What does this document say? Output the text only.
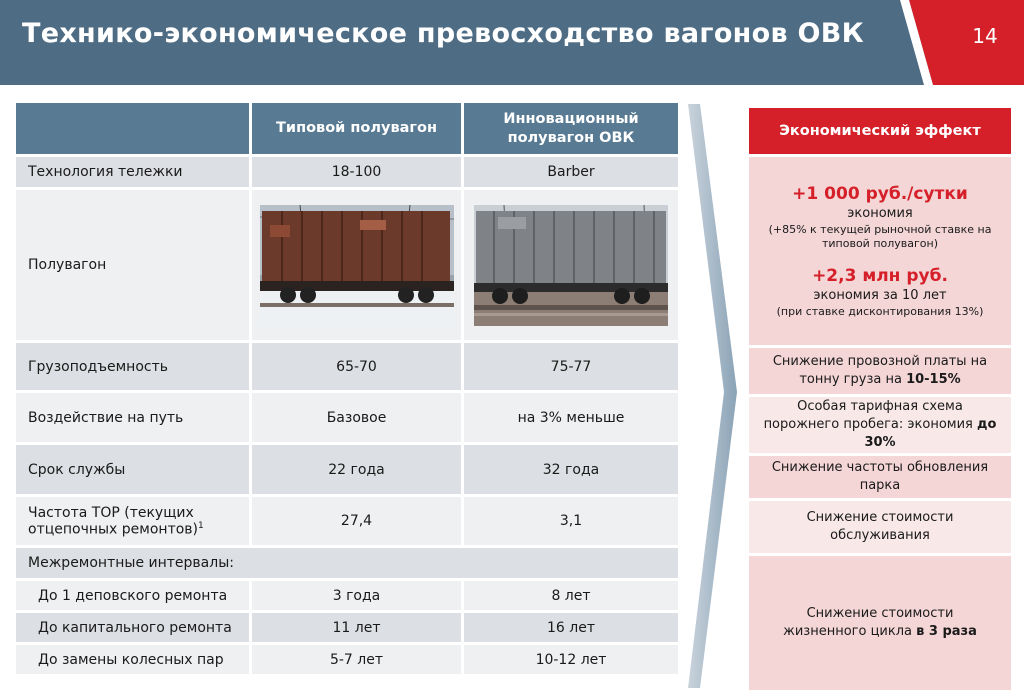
Технико-экономическое превосходство вагонов ОВК	14
	Типовой полувагон	Инновационный полувагон ОВК

Технология тележки	18-100	Barber
Полувагон	

Грузоподъемность	65-70	75-77
Воздействие на путь	Базовое	на 3% меньше
Срок службы	22 года	32 года
Частота ТОР (текущих
отцепочных ремонтов)$^1$	27,4	3,1
Межремонтные интервалы:		
До 1 деповского ремонта	3 года	8 лет
До капитального ремонта	11 лет	16 лет
До замены колесных пар	5-7 лет	10-12 лет
Экономический эффект
+1 000 руб./сутки
экономия
(+85% к текущей рыночной ставке на типовой полувагон)
+2,3 млн руб.
экономия за 10 лет
(при ставке дисконтирования 13%)
Снижение провозной платы на тонну груза на 10-15%
Особая тарифная схема порожнего пробега: экономия до 30%
Снижение частоты обновления парка
Снижение стоимости обслуживания
Снижение стоимости жизненного цикла в 3 раза
